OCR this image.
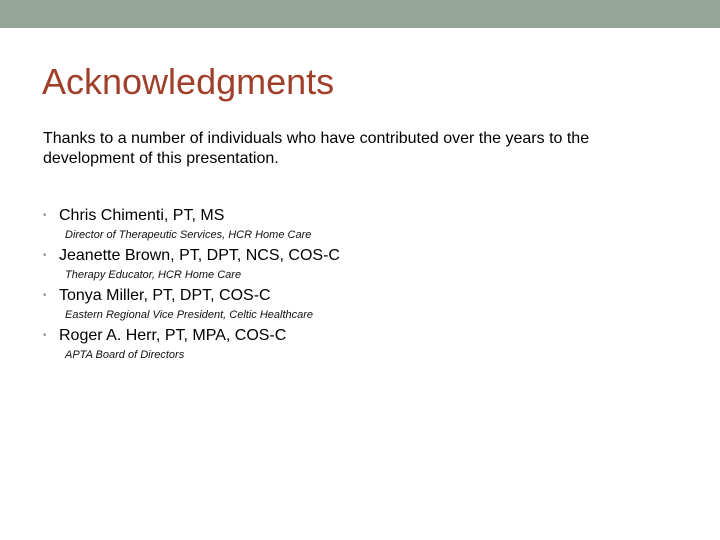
Acknowledgments

Thanks to a number of individuals who have contributed over the years to the development of this presentation.

• Chris Chimenti, PT, MS
Director of Therapeutic Services, HCR Home Care
• Jeanette Brown, PT, DPT, NCS, COS-C
Therapy Educator, HCR Home Care
• Tonya Miller, PT, DPT, COS-C
Eastern Regional Vice President, Celtic Healthcare
• Roger A. Herr, PT, MPA, COS-C
APTA Board of Directors
